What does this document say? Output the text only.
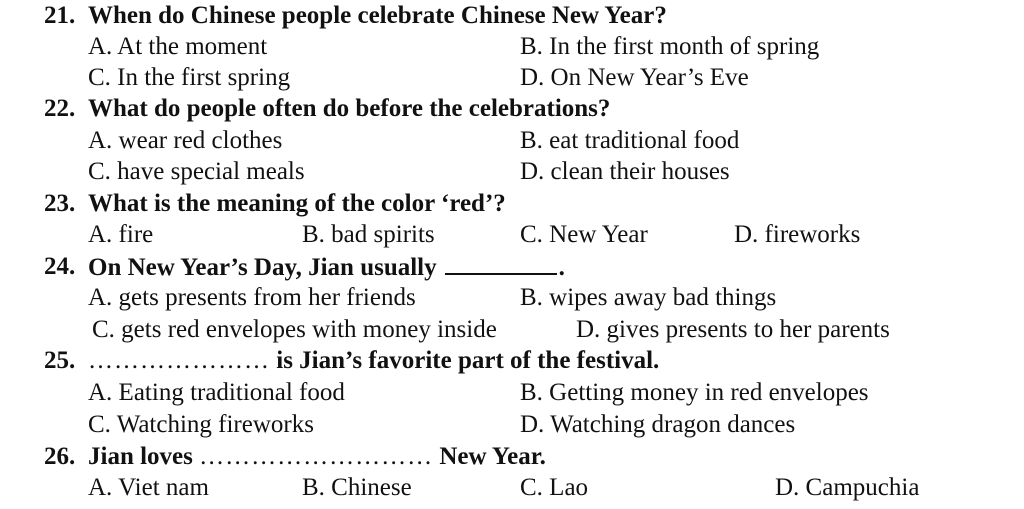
21. When do Chinese people celebrate Chinese New Year?
A. At the moment	B. In the first month of spring
C. In the first spring	D. On New Year’s Eve
22. What do people often do before the celebrations?
A. wear red clothes	B. eat traditional food
C. have special meals	D. clean their houses
23. What is the meaning of the color ‘red’?
A. fire	B. bad spirits	C. New Year	D. fireworks
24. On New Year’s Day, Jian usually	.
A. gets presents from her friends	B. wipes away bad things
C. gets red envelopes with money inside	D. gives presents to her parents
25. ………………… is Jian’s favorite part of the festival.
A. Eating traditional food	B. Getting money in red envelopes
C. Watching fireworks	D. Watching dragon dances
26. Jian loves ……………………… New Year.
A. Viet nam	B. Chinese	C. Lao	D. Campuchia
